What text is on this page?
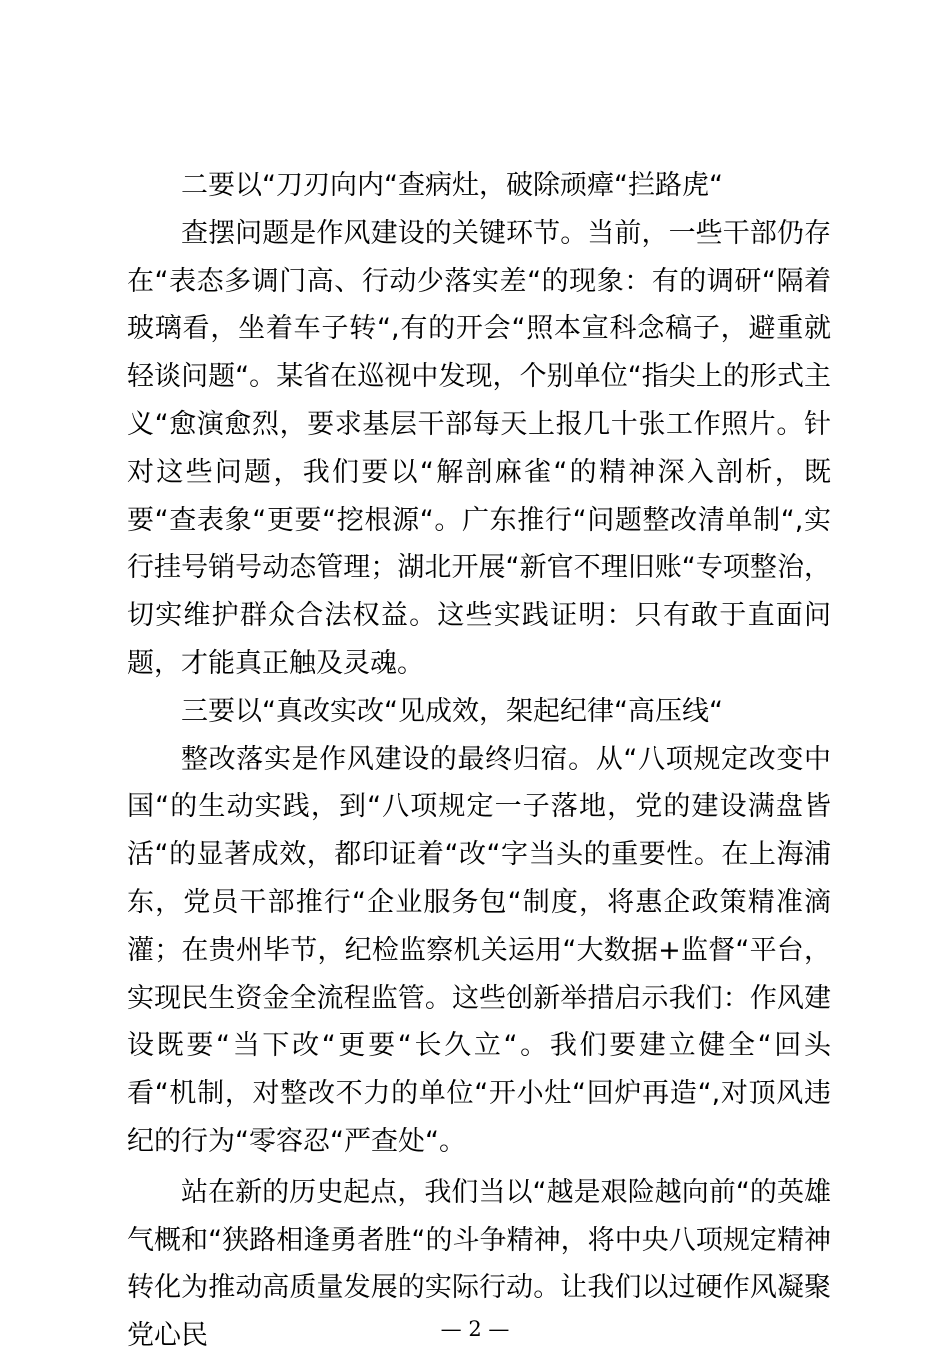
二要以“刀刃向内“查病灶，破除顽瘴“拦路虎“

查摆问题是作风建设的关键环节。当前，一些干部仍存在“表态多调门高、行动少落实差“的现象：有的调研“隔着玻璃看，坐着车子转“,有的开会“照本宣科念稿子，避重就轻谈问题“。某省在巡视中发现，个别单位“指尖上的形式主义“愈演愈烈，要求基层干部每天上报几十张工作照片。针对这些问题，我们要以“解剖麻雀“的精神深入剖析，既要“查表象“更要“挖根源“。广东推行“问题整改清单制“,实行挂号销号动态管理；湖北开展“新官不理旧账“专项整治，切实维护群众合法权益。这些实践证明：只有敢于直面问题，才能真正触及灵魂。

三要以“真改实改“见成效，架起纪律“高压线“

整改落实是作风建设的最终归宿。从“八项规定改变中国“的生动实践，到“八项规定一子落地，党的建设满盘皆活“的显著成效，都印证着“改“字当头的重要性。在上海浦东，党员干部推行“企业服务包“制度，将惠企政策精准滴灌；在贵州毕节，纪检监察机关运用“大数据+监督“平台，实现民生资金全流程监管。这些创新举措启示我们：作风建设既要“当下改“更要“长久立“。我们要建立健全“回头看“机制，对整改不力的单位“开小灶“回炉再造“,对顶风违纪的行为“零容忍“严查处“。

站在新的历史起点，我们当以“越是艰险越向前“的英雄气概和“狭路相逢勇者胜“的斗争精神，将中央八项规定精神转化为推动高质量发展的实际行动。让我们以过硬作风凝聚党心民	— 2 —
